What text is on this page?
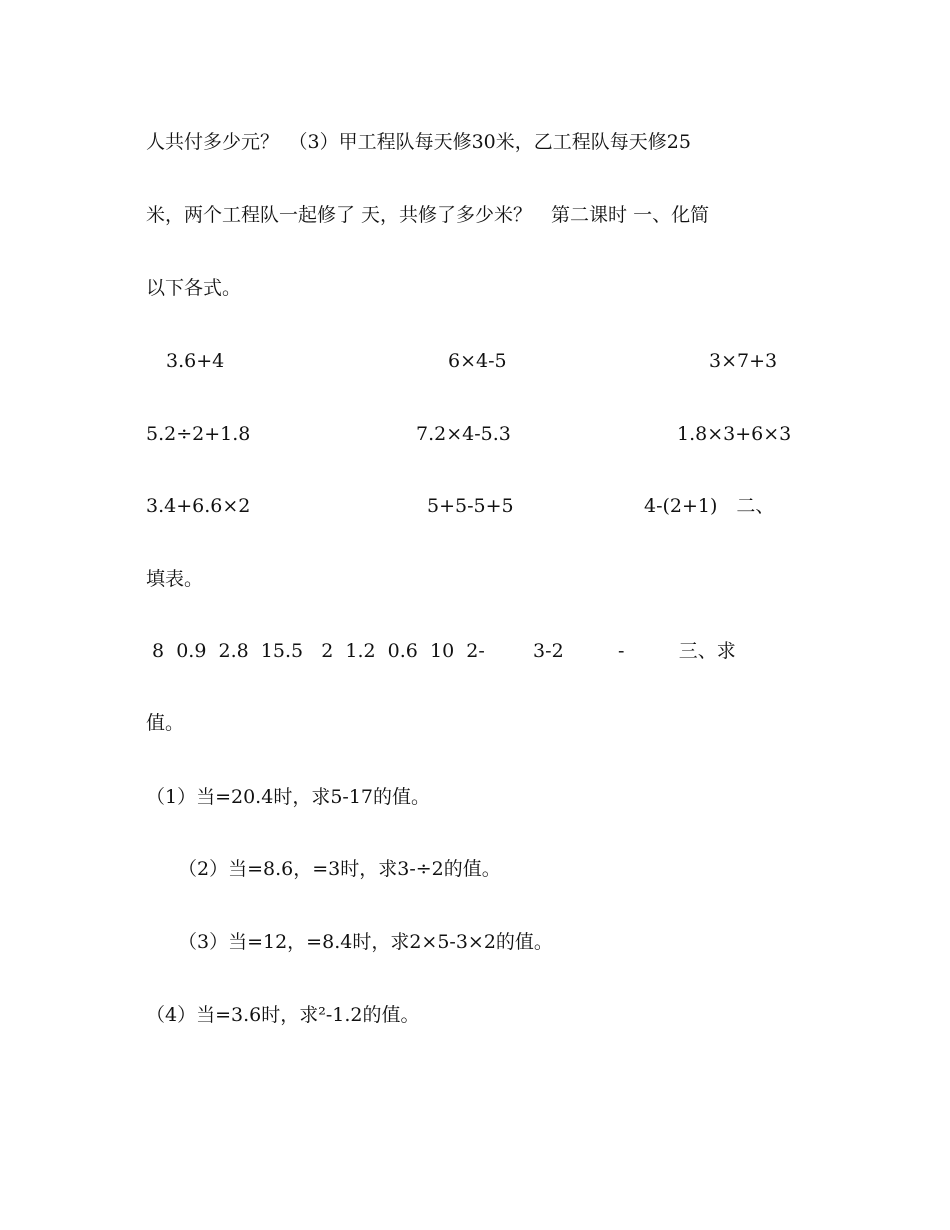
人共付多少元？　（3）甲工程队每天修30米，乙工程队每天修25
米，两个工程队一起修了 天，共修了多少米？　第二课时 一、化简
以下各式。
3.6+4	6×4-5	3×7+3
5.2÷2+1.8	7.2×4-5.3	1.8×3+6×3
3.4+6.6×2	5+5-5+5	4-(2+1)　二、
填表。
8  0.9  2.8  15.5   2  1.2  0.6  10  2-        3-2         -         三、求
值。
（1）当=20.4时，求5-17的值。
（2）当=8.6，=3时，求3-÷2的值。
（3）当=12，=8.4时，求2×5-3×2的值。
（4）当=3.6时，求²-1.2的值。
